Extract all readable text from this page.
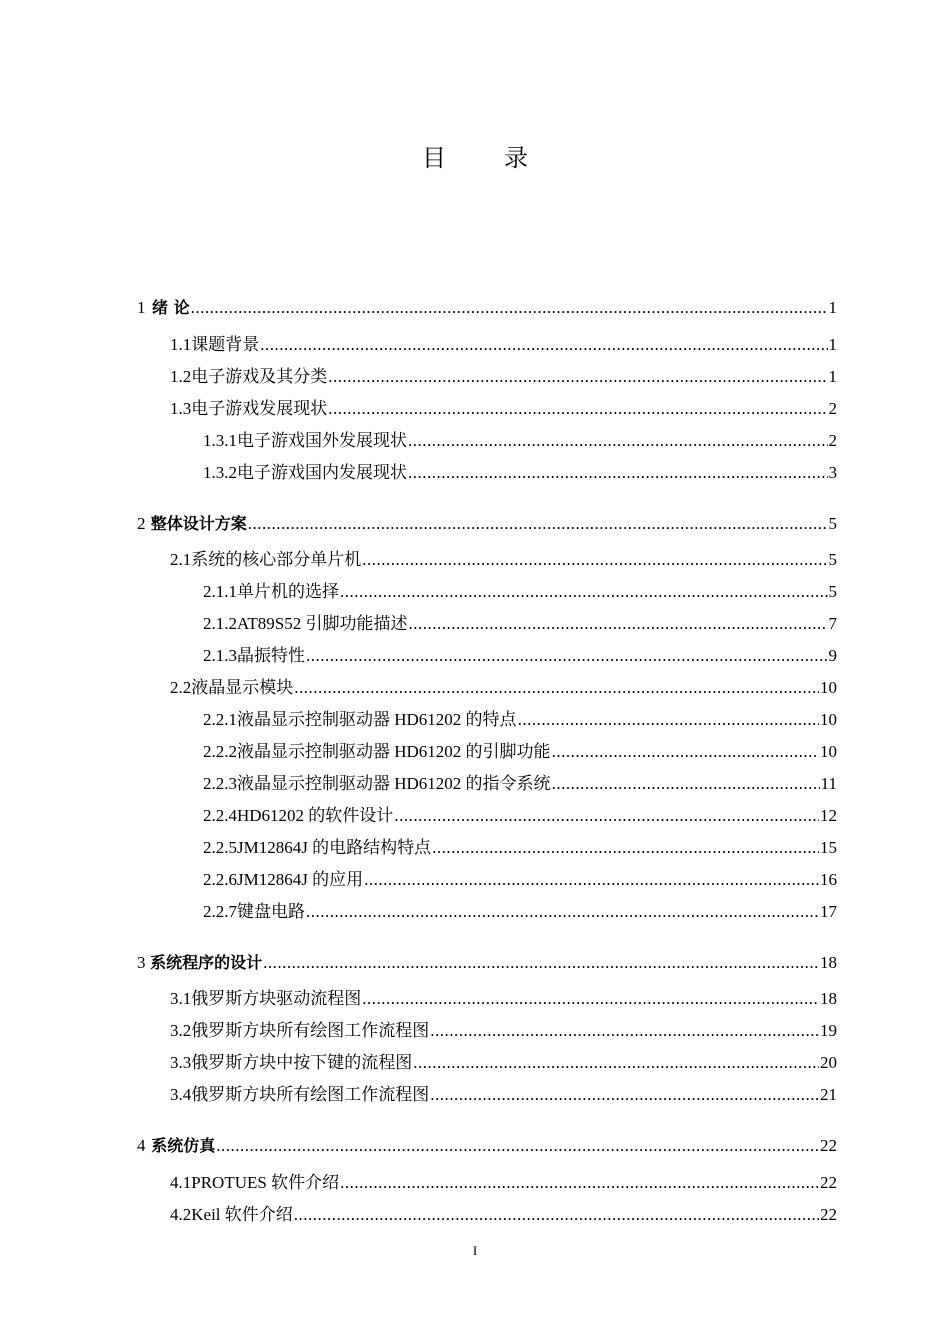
目 录
1 绪 论 .....	1
1.1 课题背景 .....	1
1.2 电子游戏及其分类 .....	1
1.3 电子游戏发展现状 .....	2
1.3.1 电子游戏国外发展现状 .....	2
1.3.2 电子游戏国内发展现状 .....	3
2 整体设计方案 .....	5
2.1 系统的核心部分单片机 .....	5
2.1.1 单片机的选择 .....	5
2.1.2 AT89S52 引脚功能描述 .....	7
2.1.3 晶振特性 .....	9
2.2 液晶显示模块 .....	10
2.2.1 液晶显示控制驱动器 HD61202 的特点 .....	10
2.2.2 液晶显示控制驱动器 HD61202 的引脚功能 .....	10
2.2.3 液晶显示控制驱动器 HD61202 的指令系统 .....	11
2.2.4 HD61202 的软件设计 .....	12
2.2.5 JM12864J 的电路结构特点 .....	15
2.2.6 JM12864J 的应用 .....	16
2.2.7 键盘电路 .....	17
3 系统程序的设计 .....	18
3.1 俄罗斯方块驱动流程图 .....	18
3.2 俄罗斯方块所有绘图工作流程图 .....	19
3.3 俄罗斯方块中按下键的流程图 .....	20
3.4 俄罗斯方块所有绘图工作流程图 .....	21
4 系统仿真 .....	22
4.1 PROTUES 软件介绍 .....	22
4.2 Keil 软件介绍 .....	22
I
